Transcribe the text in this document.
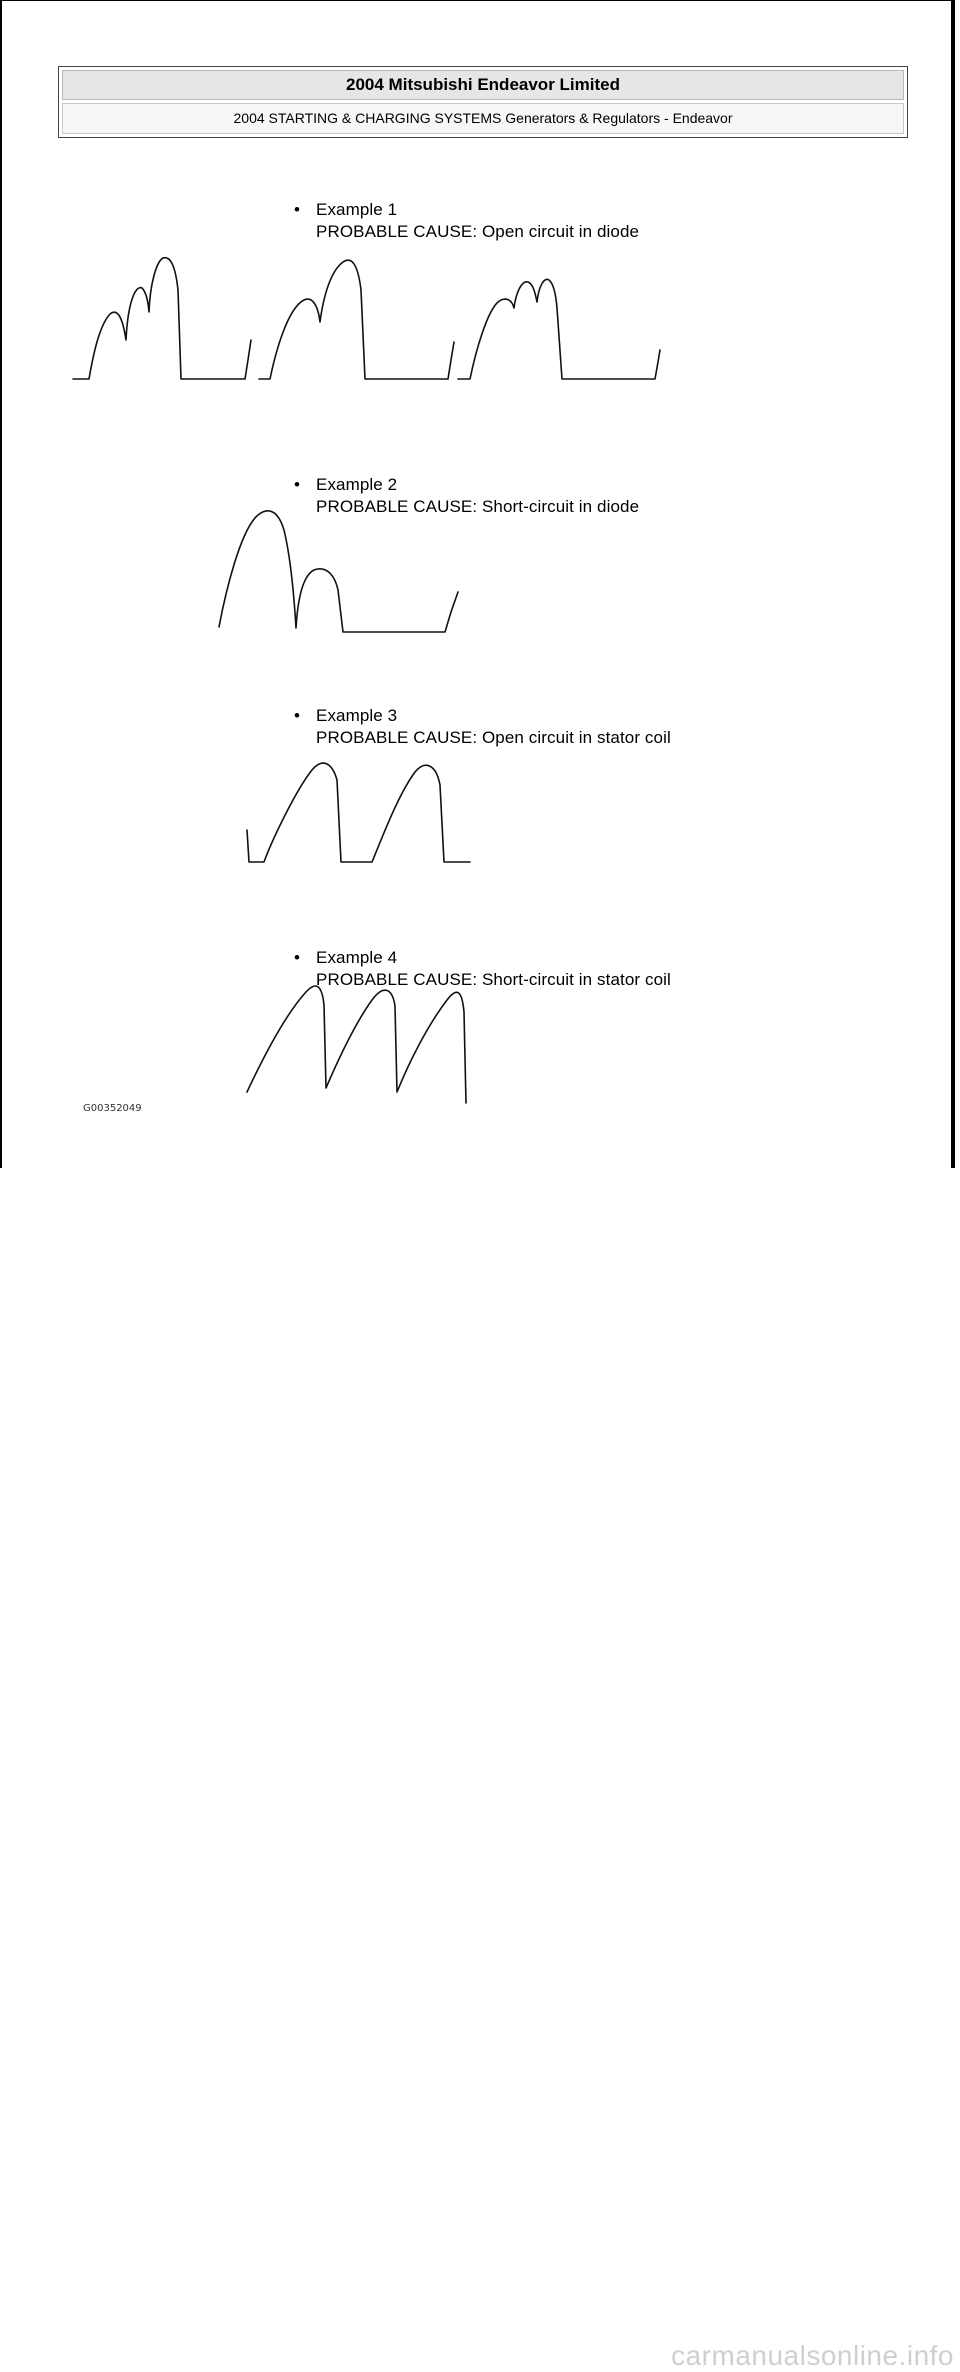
2004 Mitsubishi Endeavor Limited
2004 STARTING & CHARGING SYSTEMS Generators & Regulators - Endeavor
• Example 1
PROBABLE CAUSE: Open circuit in diode
• Example 2
PROBABLE CAUSE: Short-circuit in diode
• Example 3
PROBABLE CAUSE: Open circuit in stator coil
• Example 4
PROBABLE CAUSE: Short-circuit in stator coil
G00352049
carmanualsonline.info
